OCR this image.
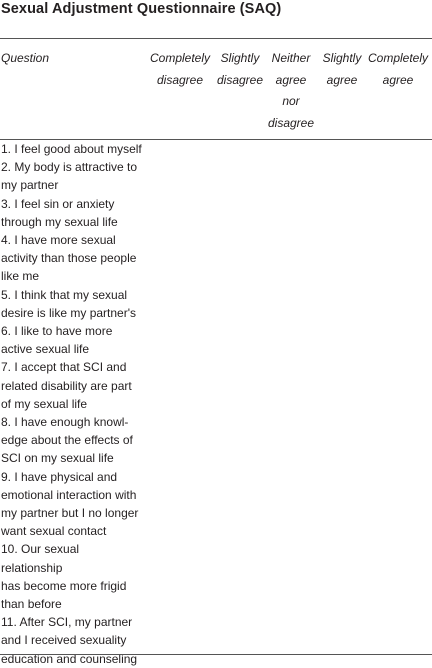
Sexual Adjustment Questionnaire (SAQ)
Question	Completely
disagree
Slightly
disagree
Neither
agree
nor
disagree
Slightly
agree
Completely
agree
1. I feel good about myself
2. My body is attractive to
my partner
3. I feel sin or anxiety
through my sexual life
4. I have more sexual
activity than those people
like me
5. I think that my sexual
desire is like my partner's
6. I like to have more
active sexual life
7. I accept that SCI and
related disability are part
of my sexual life
8. I have enough knowl-
edge about the effects of
SCI on my sexual life
9. I have physical and
emotional interaction with
my partner but I no longer
want sexual contact
10. Our sexual relationship
has become more frigid
than before
11. After SCI, my partner
and I received sexuality
education and counseling
